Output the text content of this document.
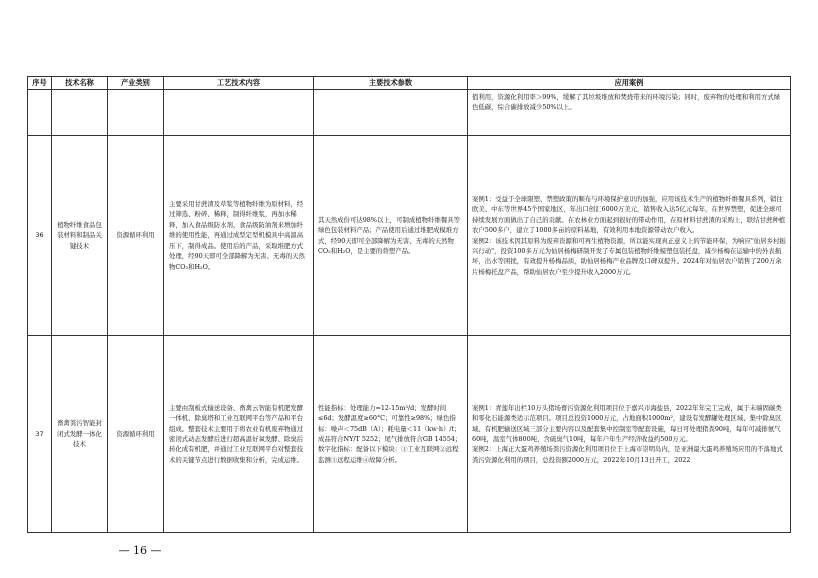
序号	技术名称	产业类别	工艺技术内容	主要技术参数	应用案例

					值利用，资源化利用率＞99%，缓解了其垃圾堆放和焚烧带来的环境污染；同时，废弃物的处理和利用方式绿色低碳，综合碳排放减少50%以上。

36	植物纤维食品包装材料和制品关键技术	资源循环利用	主要采用甘蔗渣及草浆等植物纤维为原材料，经过筛选、粉碎、稀释，制得纤维浆，再加水稀释，加入食品级防水剂、食品级防油剂来增加纤维的使用性能，再通过成型定型机模具中高温高压下，制得成品。使用后的产品，采取堆肥方式处理，经90天即可全部降解为无害、无毒的天然物CO₂和H₂O。	其天然成份可达98%以上，可制成植物纤维餐具等绿色包装材料产品；产品使用后通过堆肥成模堆方式，经90天即可全部降解为无害、无毒的天然物CO₂和H₂O，是主要的替塑产品。	案例1：受益于全球限塑、禁塑政策的顺布与环境保护意识的加强，应用该技术生产的植物纤维餐具系列，销往欧美、中东等世界45个国家地区，年出口创汇6000万美元，销售收入达5亿元每年，在世界禁塑，促进全球可持续发展方面做出了自己的贡献。在农林业方面起到很好的带动作用，在原材料甘蔗渣的采购上，联结甘蔗种植农户500多户，建立了1000多亩的原料基地，有效利用本地资源带动农户收入。
案例2：该技术因其原料为废弃资源和可再生植物资源，所以能实现真正意义上的节能环保，为响应"仙居乡村振兴行动"，投资100多万元为仙居杨梅研制开发了专属包装植物纤维模塑包装托盘，减少杨梅在运输中的外表损坏，出水等困扰，有效提升杨梅品质，助仙居杨梅产业品牌及口碑双提升。2024年对仙居农户销售了200万余片杨梅托盘产品，帮助仙居农户至少提升收入2000万元。

37	畜禽粪污智能封闭式发酵一体化技术	资源循环利用	主要由刮板式输送设备、畜禽云智能有机肥发酵一体机、除臭塔和工业互联网平台等产品和平台组成。整套技术主要用于将农业有机废弃物通过密闭式动态发酵后进行超高温好氧发酵、除臭后转化成有机肥，并通过工业互联网平台对整套技术的关键节点进行数据收集和分析，完成运维。	性能指标：处理能力=12-15m³/d；发酵时间≤6d；发酵温度≥60°C；可靠性≥98%；绿色指标：噪声＜75dB（A）；耗电量＜11（kw·h）/t；成品符合NY/T 5252；尾气排放符合GB 14554；数字化指标：配备以下模块：①工业互联网②远程监测③远程运维④故障分析。	案例1：青莲年出栏10万头猪场畜污资源化利用项目位于嘉兴市海盐县，2022年年完工完成，属于末端固碳类和零化石能源类适示范项目。项目总投资1000万元，占地面积1000m²，建设有发酵罐处理区域、集中除臭区域、有机肥输送区域三部分主要内容以及配套集中控制室等配套设施，每日可处理猪粪90吨，每年可减排氨气60吨，温室气体800吨，含硫臭气10吨，每年户年生产经济收益约500万元。
案例2：上海正大蛋鸡养殖场粪污资源化利用项目位于上海市崇明岛内，是亚洲最大蛋鸡养殖场应用的不落地式粪污资源化利用的项目，总投资额2000万元，2022年10月13日开工，2022
— 16 —
